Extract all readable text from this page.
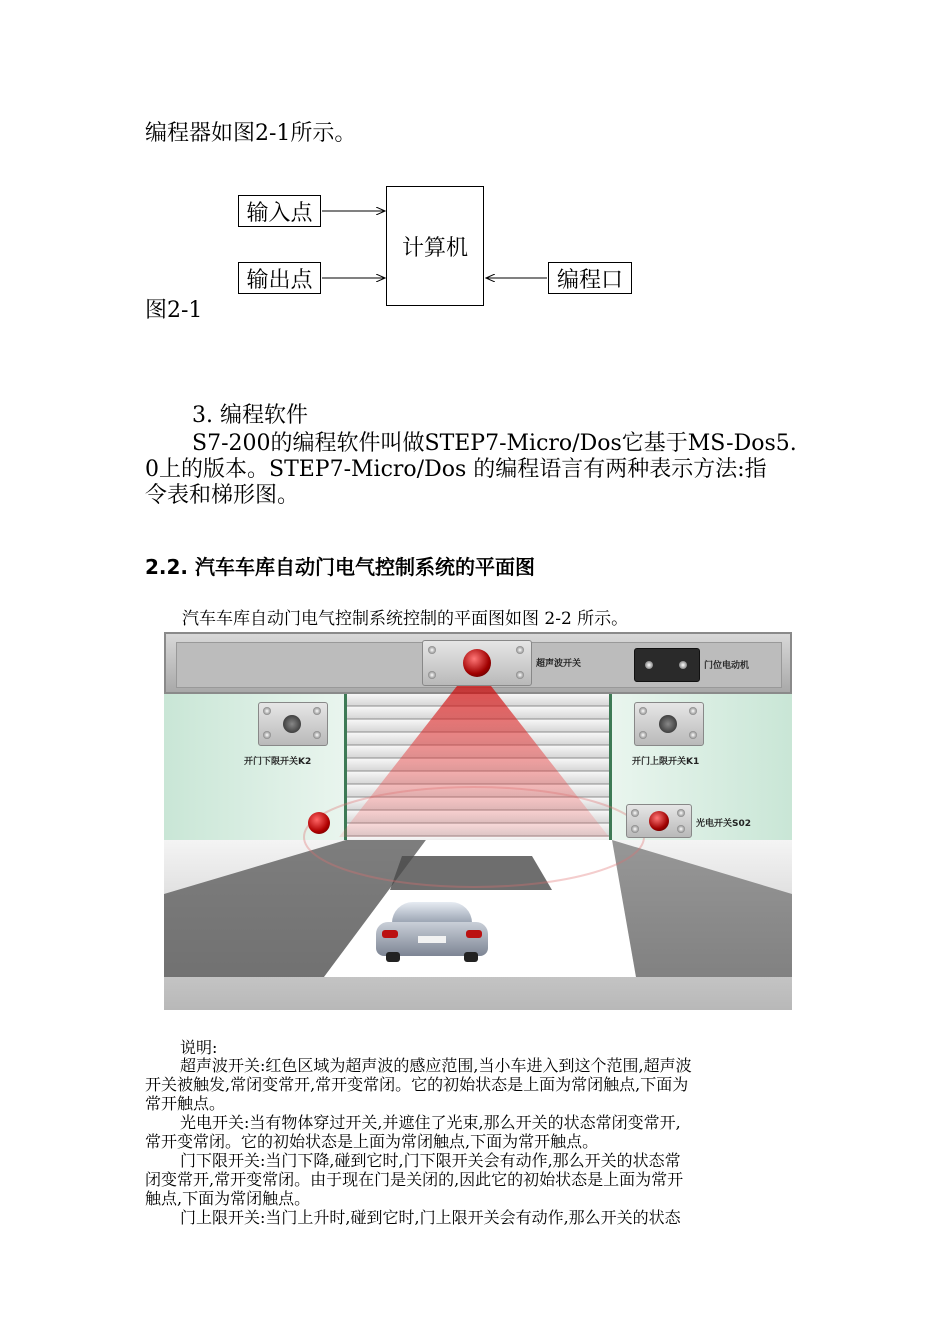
编程器如图2-1所示。
输入点
输出点
计算机
编程口
图2-1
3. 编程软件
S7-200的编程软件叫做STEP7-Micro/Dos它基于MS-Dos5.
0上的版本。STEP7-Micro/Dos 的编程语言有两种表示方法:指
令表和梯形图。
2.2. 汽车车库自动门电气控制系统的平面图
汽车车库自动门电气控制系统控制的平面图如图 2-2 所示。
超声波开关	门位电动机
开门下限开关K2	开门上限开关K1
光电开关S02
说明:
超声波开关:红色区域为超声波的感应范围,当小车进入到这个范围,超声波
开关被触发,常闭变常开,常开变常闭。它的初始状态是上面为常闭触点,下面为
常开触点。
光电开关:当有物体穿过开关,并遮住了光束,那么开关的状态常闭变常开,
常开变常闭。它的初始状态是上面为常闭触点,下面为常开触点。
门下限开关:当门下降,碰到它时,门下限开关会有动作,那么开关的状态常
闭变常开,常开变常闭。由于现在门是关闭的,因此它的初始状态是上面为常开
触点,下面为常闭触点。
门上限开关:当门上升时,碰到它时,门上限开关会有动作,那么开关的状态
